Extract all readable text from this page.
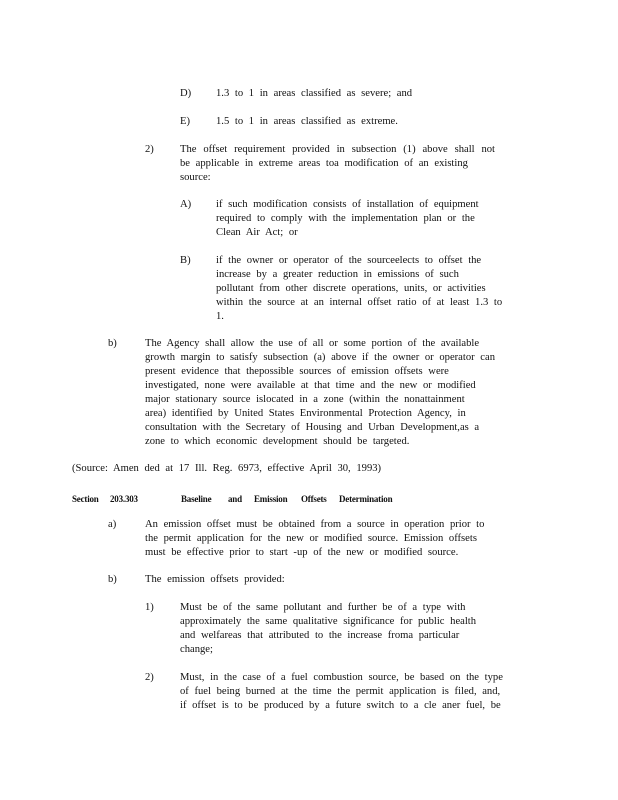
D) 1.3 to 1 in areas classified as severe; and
E) 1.5 to 1 in areas classified as extreme.
2) The offset requirement provided in subsection (1) above shall not
be applicable in extreme areas toa modification of an existing
source:
A) if such modification consists of installation of equipment
required to comply with the implementation plan or the
Clean Air Act; or
B) if the owner or operator of the sourceelects to offset the
increase by a greater reduction in emissions of such
pollutant from other discrete operations, units, or activities
within the source at an internal offset ratio of at least 1.3 to
1.
b)	The Agency shall allow the use of all or some portion of the available
growth margin to satisfy subsection (a) above if the owner or operator can
present evidence that thepossible sources of emission offsets were
investigated, none were available at that time and the new or modified
major stationary source islocated in a zone (within the nonattainment
area) identified by United States Environmental Protection Agency, in
consultation with the Secretary of Housing and Urban Development,as a
zone to which economic development should be targeted.
(Source: Amen ded at 17 Ill. Reg. 6973, effective April 30, 1993)
Section 203.303	Baseline and Emission Offsets Determination
a)	An emission offset must be obtained from a source in operation prior to
the permit application for the new or modified source. Emission offsets
must be effective prior to start -up of the new or modified source.
b)	The emission offsets provided:
1) Must be of the same pollutant and further be of a type with
approximately the same qualitative significance for public health
and welfareas that attributed to the increase froma particular
change;
2) Must, in the case of a fuel combustion source, be based on the type
of fuel being burned at the time the permit application is filed, and,
if offset is to be produced by a future switch to a cle aner fuel, be
